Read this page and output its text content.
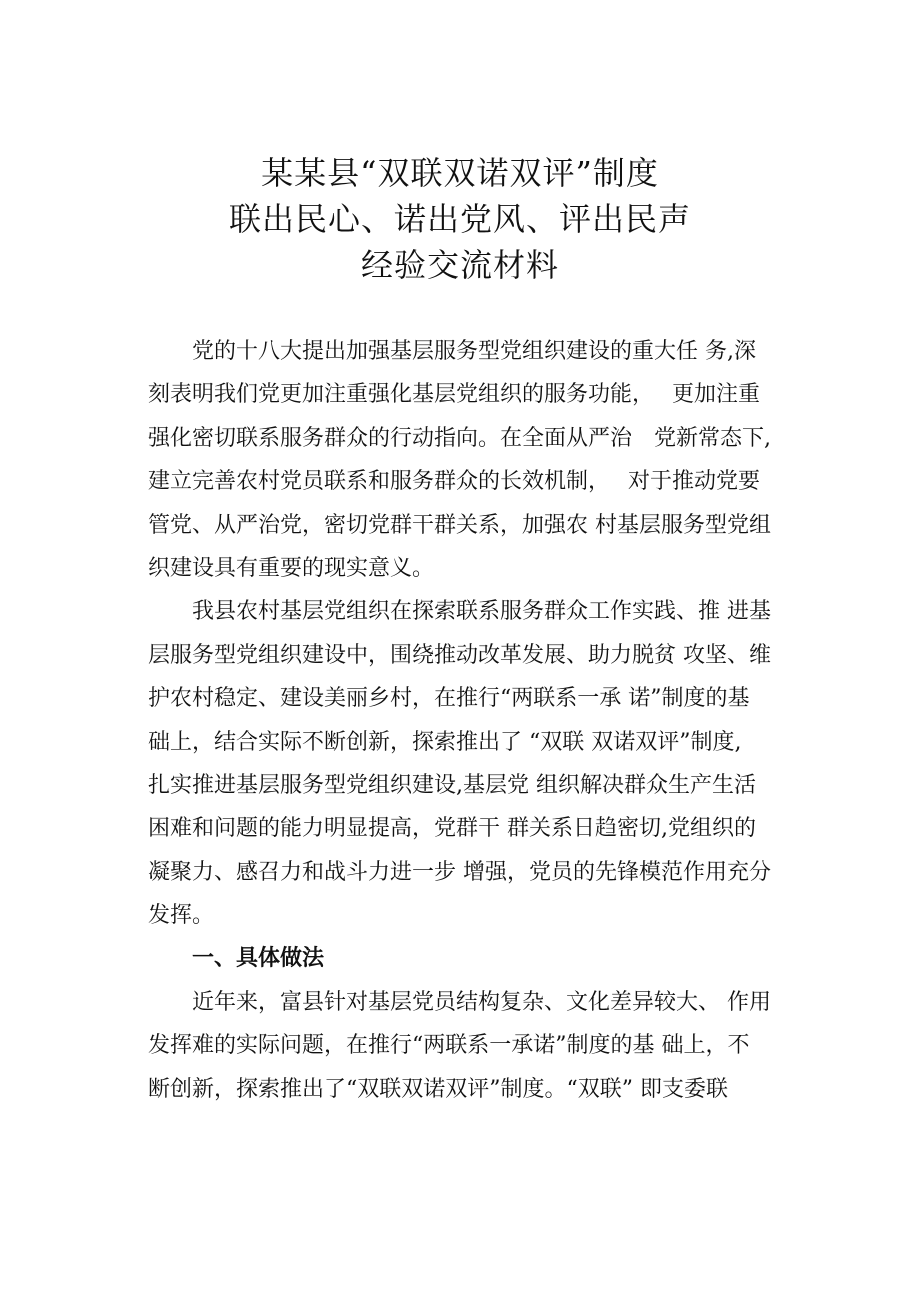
某某县“双联双诺双评”制度
联出民心、诺出党风、评出民声
经验交流材料
　　党的十八大提出加强基层服务型党组织建设的重大任 务,深
刻表明我们党更加注重强化基层党组织的服务功能，　 更加注重
强化密切联系服务群众的行动指向。在全面从严治　党新常态下,
建立完善农村党员联系和服务群众的长效机制，　 对于推动党要
管党、从严治党，密切党群干群关系，加强农 村基层服务型党组
织建设具有重要的现实意义。
　　我县农村基层党组织在探索联系服务群众工作实践、推 进基
层服务型党组织建设中，围绕推动改革发展、助力脱贫 攻坚、维
护农村稳定、建设美丽乡村，在推行“两联系一承 诺”制度的基
础上，结合实际不断创新，探索推出了 “双联 双诺双评”制度,
扎实推进基层服务型党组织建设,基层党 组织解决群众生产生活
困难和问题的能力明显提高，党群干 群关系日趋密切,党组织的
凝聚力、感召力和战斗力进一步 增强，党员的先锋模范作用充分
发挥。
　　一、具体做法
　　近年来，富县针对基层党员结构复杂、文化差异较大、 作用
发挥难的实际问题，在推行“两联系一承诺”制度的基 础上，不
断创新，探索推出了“双联双诺双评”制度。“双联” 即支委联
